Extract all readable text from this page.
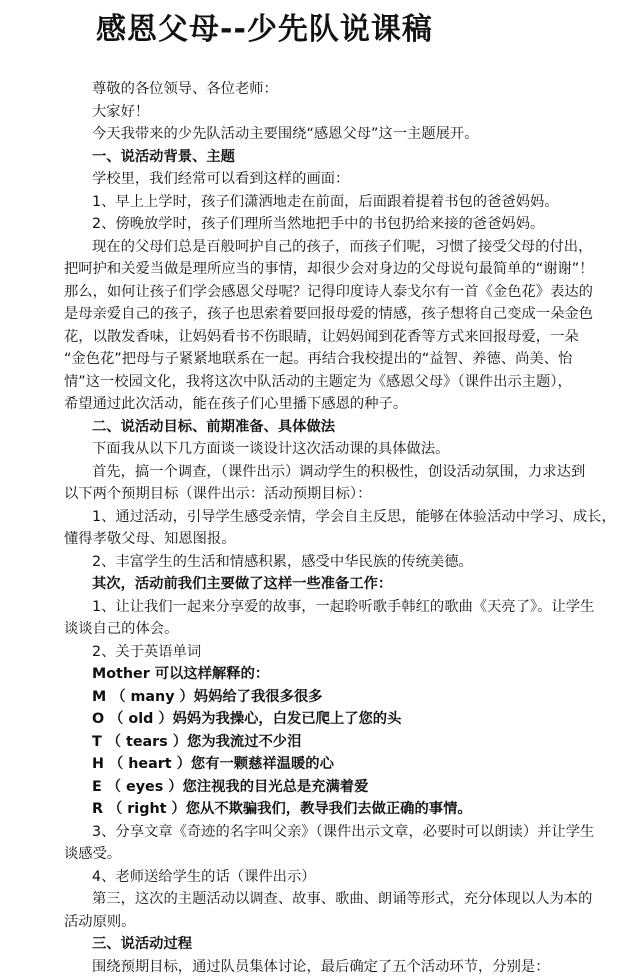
感恩父母--少先队说课稿

尊敬的各位领导、各位老师：

大家好！

今天我带来的少先队活动主要围绕“感恩父母”这一主题展开。

一、说活动背景、主题

学校里，我们经常可以看到这样的画面：

1、早上上学时，孩子们潇洒地走在前面，后面跟着提着书包的爸爸妈妈。

2、傍晚放学时，孩子们理所当然地把手中的书包扔给来接的爸爸妈妈。

现在的父母们总是百般呵护自己的孩子，而孩子们呢，习惯了接受父母的付出，

把呵护和关爱当做是理所应当的事情，却很少会对身边的父母说句最简单的“谢谢”！

那么，如何让孩子们学会感恩父母呢？记得印度诗人泰戈尔有一首《金色花》表达的

是母亲爱自己的孩子，孩子也思索着要回报母爱的情感，孩子想将自己变成一朵金色

花，以散发香味，让妈妈看书不伤眼睛，让妈妈闻到花香等方式来回报母爱，一朵

“金色花”把母与子紧紧地联系在一起。再结合我校提出的“益智、养德、尚美、怡

情”这一校园文化，我将这次中队活动的主题定为《感恩父母》（课件出示主题），

希望通过此次活动，能在孩子们心里播下感恩的种子。

二、说活动目标、前期准备、具体做法

下面我从以下几方面谈一谈设计这次活动课的具体做法。

首先，搞一个调查，（课件出示）调动学生的积极性，创设活动氛围，力求达到

以下两个预期目标（课件出示：活动预期目标）：

1、通过活动，引导学生感受亲情，学会自主反思，能够在体验活动中学习、成长，

懂得孝敬父母、知恩图报。

2、丰富学生的生活和情感积累，感受中华民族的传统美德。

其次，活动前我们主要做了这样一些准备工作：

1、让让我们一起来分享爱的故事，一起聆听歌手韩红的歌曲《天亮了》。让学生

谈谈自己的体会。

2、关于英语单词

Mother 可以这样解释的：

M （ many ）妈妈给了我很多很多

O （ old ）妈妈为我操心，白发已爬上了您的头

T （ tears ）您为我流过不少泪

H （ heart ）您有一颗慈祥温暖的心

E （ eyes ）您注视我的目光总是充满着爱

R （ right ）您从不欺骗我们，教导我们去做正确的事情。

3、分享文章《奇迹的名字叫父亲》（课件出示文章，必要时可以朗读）并让学生

谈感受。

4、老师送给学生的话（课件出示）

第三，这次的主题活动以调查、故事、歌曲、朗诵等形式，充分体现以人为本的

活动原则。

三、说活动过程

围绕预期目标，通过队员集体讨论，最后确定了五个活动环节，分别是：
